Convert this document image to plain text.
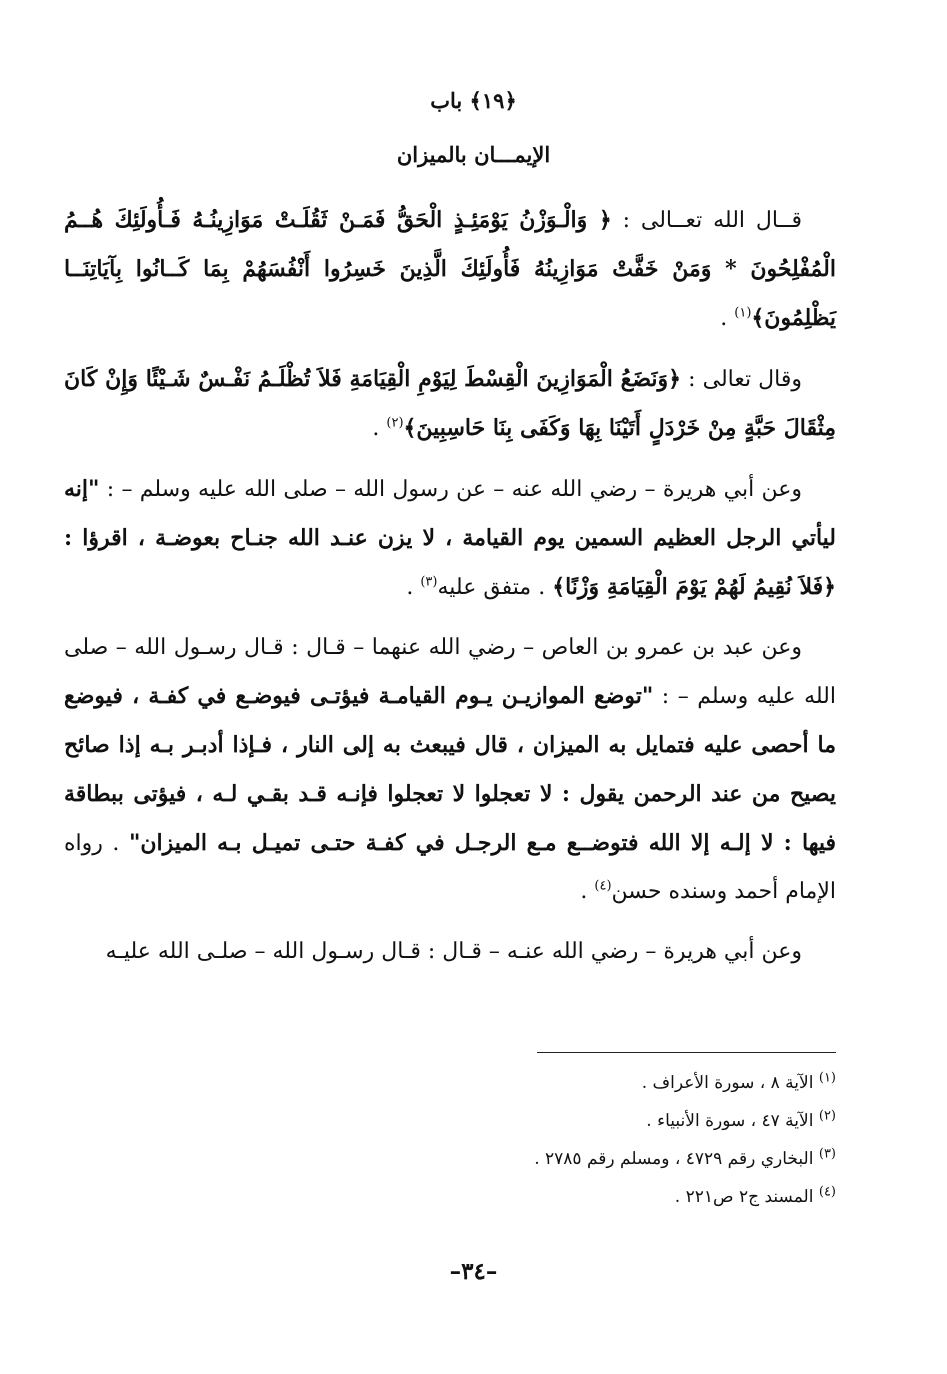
﴿١٩﴾ باب
الإيمـــان بالميزان

قــال الله تعــالى : ﴿ وَالْـوَزْنُ يَوْمَئِـذٍ الْحَقُّ فَمَـنْ ثَقُلَـتْ مَوَازِينُـهُ فَـأُولَئِكَ هُــمُ الْمُفْلِحُونَ * وَمَنْ خَفَّتْ مَوَازِينُهُ فَأُولَئِكَ الَّذِينَ خَسِرُوا أَنْفُسَهُمْ بِمَا كَــانُوا بِآيَاتِنَــا يَظْلِمُونَ﴾$^{(١)}$ .

وقال تعالى : ﴿وَنَضَعُ الْمَوَازِينَ الْقِسْطَ لِيَوْمِ الْقِيَامَةِ فَلاَ تُظْلَـمُ نَفْـسٌ شَـيْئًا وَإِنْ كَانَ مِثْقَالَ حَبَّةٍ مِنْ خَرْدَلٍ أَتَيْنَا بِهَا وَكَفَى بِنَا حَاسِبِينَ﴾$^{(٢)}$ .

وعن أبي هريرة – رضي الله عنه – عن رسول الله – صلى الله عليه وسلم – : "إنه ليأتي الرجل العظيم السمين يوم القيامة ، لا يزن عنـد الله جنـاح بعوضـة ، اقرؤا : ﴿فَلاَ نُقِيمُ لَهُمْ يَوْمَ الْقِيَامَةِ وَزْنًا﴾ . متفق عليه$^{(٣)}$ .

وعن عبد بن عمرو بن العاص – رضي الله عنهما – قـال : قـال رسـول الله – صلى الله عليه وسلم – : "توضع الموازيـن يـوم القيامـة فيؤتـى فيوضـع في كفـة ، فيوضع ما أحصى عليه فتمايل به الميزان ، قال فيبعث به إلى النار ، فـإذا أدبـر بـه إذا صائح يصيح من عند الرحمن يقول : لا تعجلوا لا تعجلوا فإنـه قـد بقـي لـه ، فيؤتى ببطاقة فيها : لا إلـه إلا الله فتوضــع مـع الرجـل في كفـة حتـى تميـل بـه الميزان" . رواه الإمام أحمد وسنده حسن$^{(٤)}$ .

وعن أبي هريرة – رضي الله عنـه – قـال : قـال رسـول الله – صلـى الله عليـه

$^{(١)}$ الآية ٨ ، سورة الأعراف .
$^{(٢)}$ الآية ٤٧ ، سورة الأنبياء .
$^{(٣)}$ البخاري رقم ٤٧٢٩ ، ومسلم رقم ٢٧٨٥ .
$^{(٤)}$ المسند ج٢ ص٢٢١ .
–٣٤–
